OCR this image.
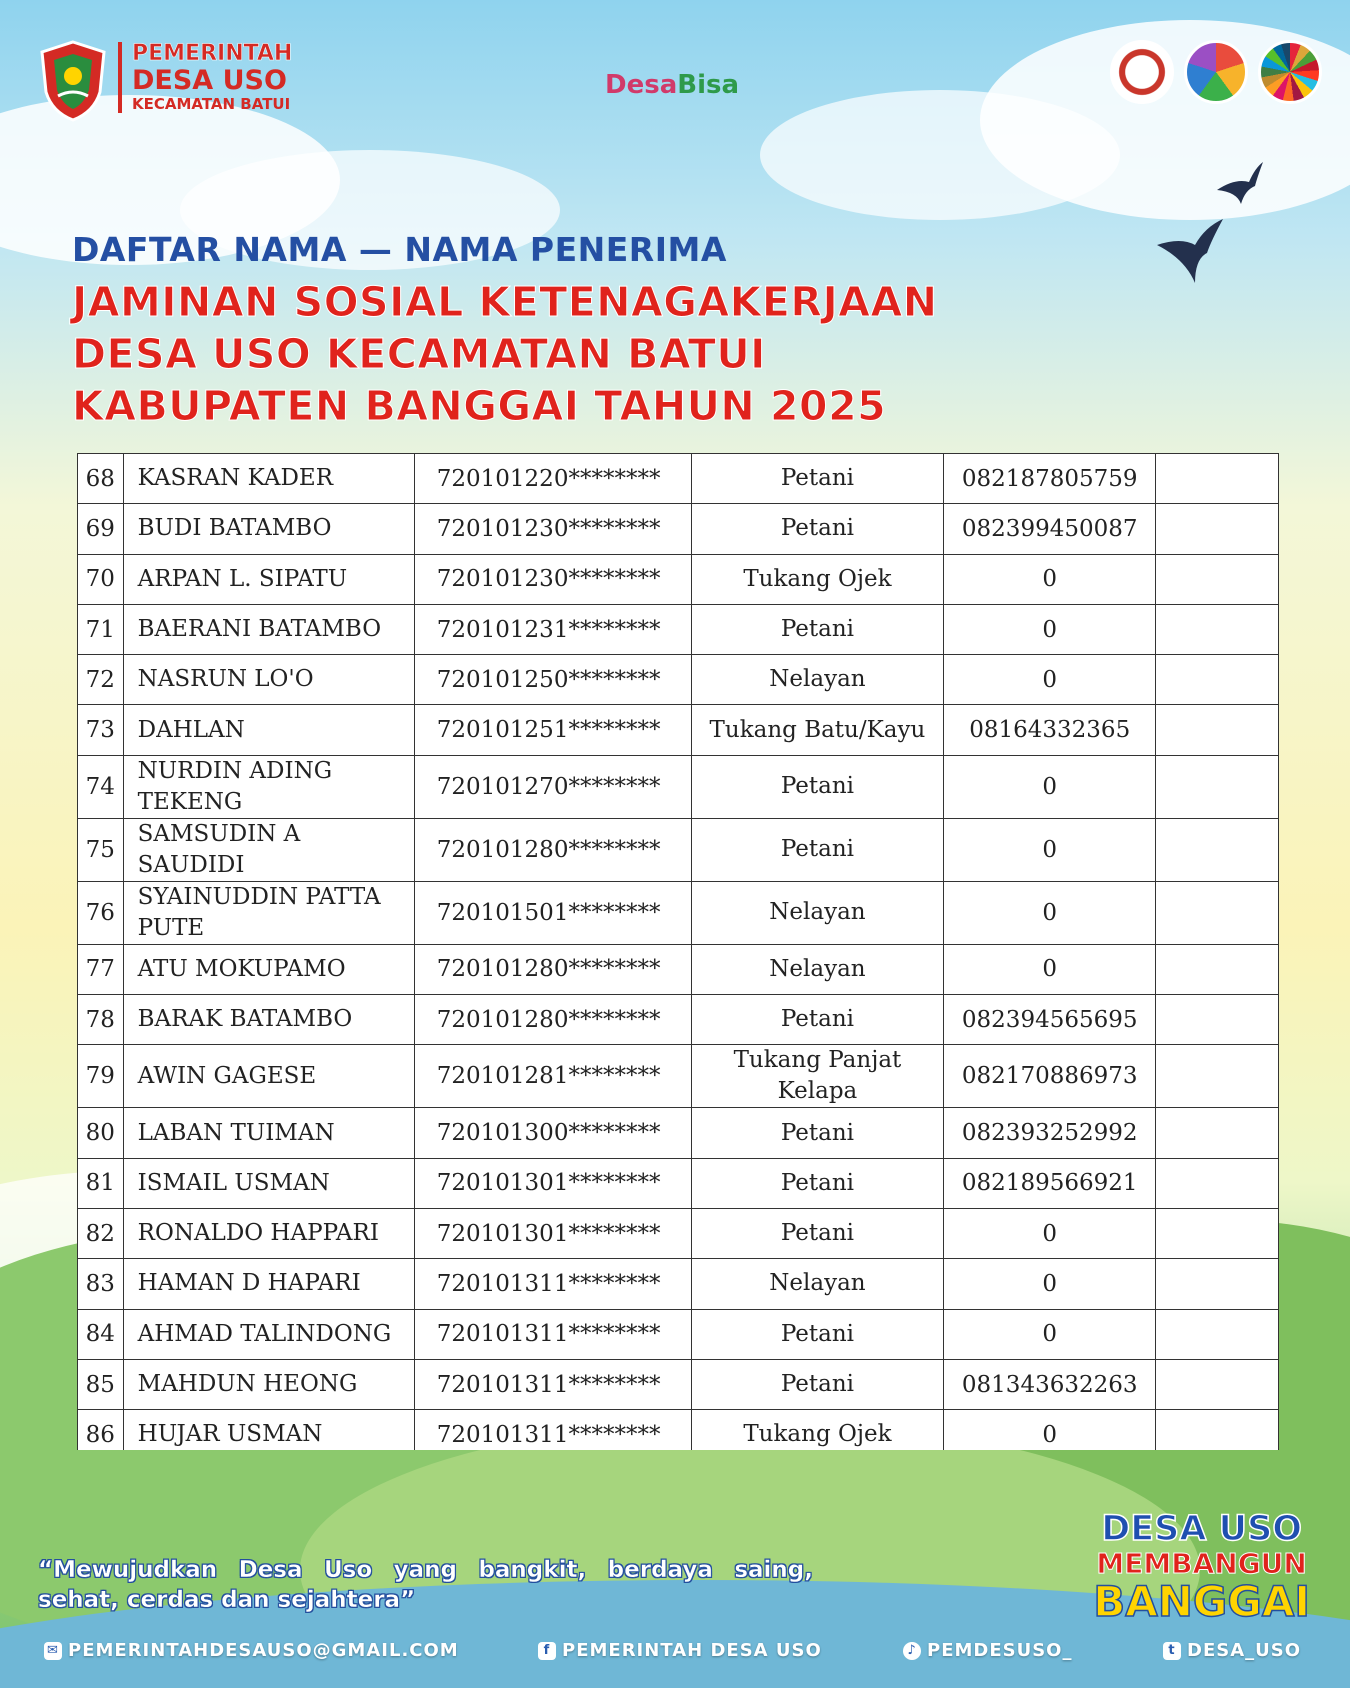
PEMERINTAH
DESA USO
KECAMATAN BATUI
DesaBisa
DAFTAR NAMA — NAMA PENERIMA
JAMINAN SOSIAL KETENAGAKERJAAN
DESA USO KECAMATAN BATUI
KABUPATEN BANGGAI TAHUN 2025
68	KASRAN KADER	720101220********	Petani	082187805759	
69	BUDI BATAMBO	720101230********	Petani	082399450087	
70	ARPAN L. SIPATU	720101230********	Tukang Ojek	0	
71	BAERANI BATAMBO	720101231********	Petani	0	
72	NASRUN LO'O	720101250********	Nelayan	0	
73	DAHLAN	720101251********	Tukang Batu/Kayu	08164332365	
74	NURDIN ADING TEKENG	720101270********	Petani	0	
75	SAMSUDIN A SAUDIDI	720101280********	Petani	0	
76	SYAINUDDIN PATTA PUTE	720101501********	Nelayan	0	
77	ATU MOKUPAMO	720101280********	Nelayan	0	
78	BARAK BATAMBO	720101280********	Petani	082394565695	
79	AWIN GAGESE	720101281********	Tukang Panjat Kelapa	082170886973	
80	LABAN TUIMAN	720101300********	Petani	082393252992	
81	ISMAIL USMAN	720101301********	Petani	082189566921	
82	RONALDO HAPPARI	720101301********	Petani	0	
83	HAMAN D HAPARI	720101311********	Nelayan	0	
84	AHMAD TALINDONG	720101311********	Petani	0	
85	MAHDUN HEONG	720101311********	Petani	081343632263	
86	HUJAR USMAN	720101311********	Tukang Ojek	0	
“Mewujudkan Desa Uso yang bangkit, berdaya saing, sehat, cerdas dan sejahtera”
DESA USO
MEMBANGUN
BANGGAI
✉ PEMERINTAHDESAUSO@GMAIL.COM	f PEMERINTAH DESA USO	♪ PEMDESUSO_	t DESA_USO
